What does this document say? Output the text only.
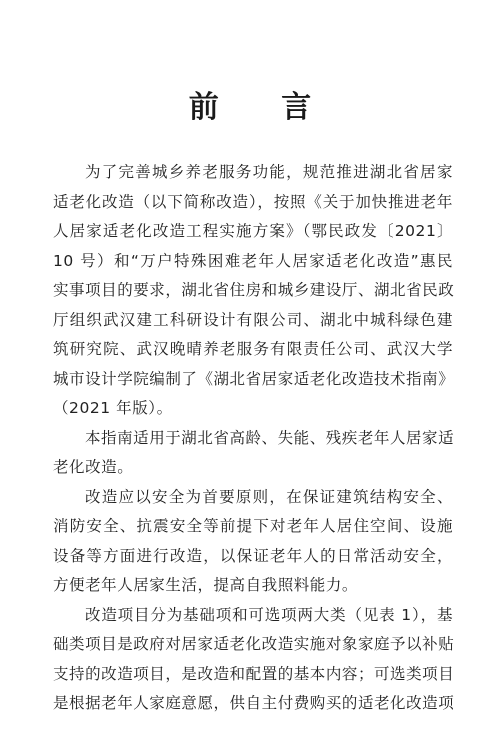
前 言
为了完善城乡养老服务功能，规范推进湖北省居家
适老化改造（以下简称改造），按照《关于加快推进老年
人居家适老化改造工程实施方案》（鄂民政发〔2021〕
10 号）和“万户特殊困难老年人居家适老化改造”惠民
实事项目的要求，湖北省住房和城乡建设厅、湖北省民政
厅组织武汉建工科研设计有限公司、湖北中城科绿色建
筑研究院、武汉晚晴养老服务有限责任公司、武汉大学
城市设计学院编制了《湖北省居家适老化改造技术指南》
（2021 年版）。
本指南适用于湖北省高龄、失能、残疾老年人居家适
老化改造。
改造应以安全为首要原则，在保证建筑结构安全、
消防安全、抗震安全等前提下对老年人居住空间、设施
设备等方面进行改造，以保证老年人的日常活动安全，
方便老年人居家生活，提高自我照料能力。
改造项目分为基础项和可选项两大类（见表 1），基
础类项目是政府对居家适老化改造实施对象家庭予以补贴
支持的改造项目，是改造和配置的基本内容；可选类项目
是根据老年人家庭意愿，供自主付费购买的适老化改造项
